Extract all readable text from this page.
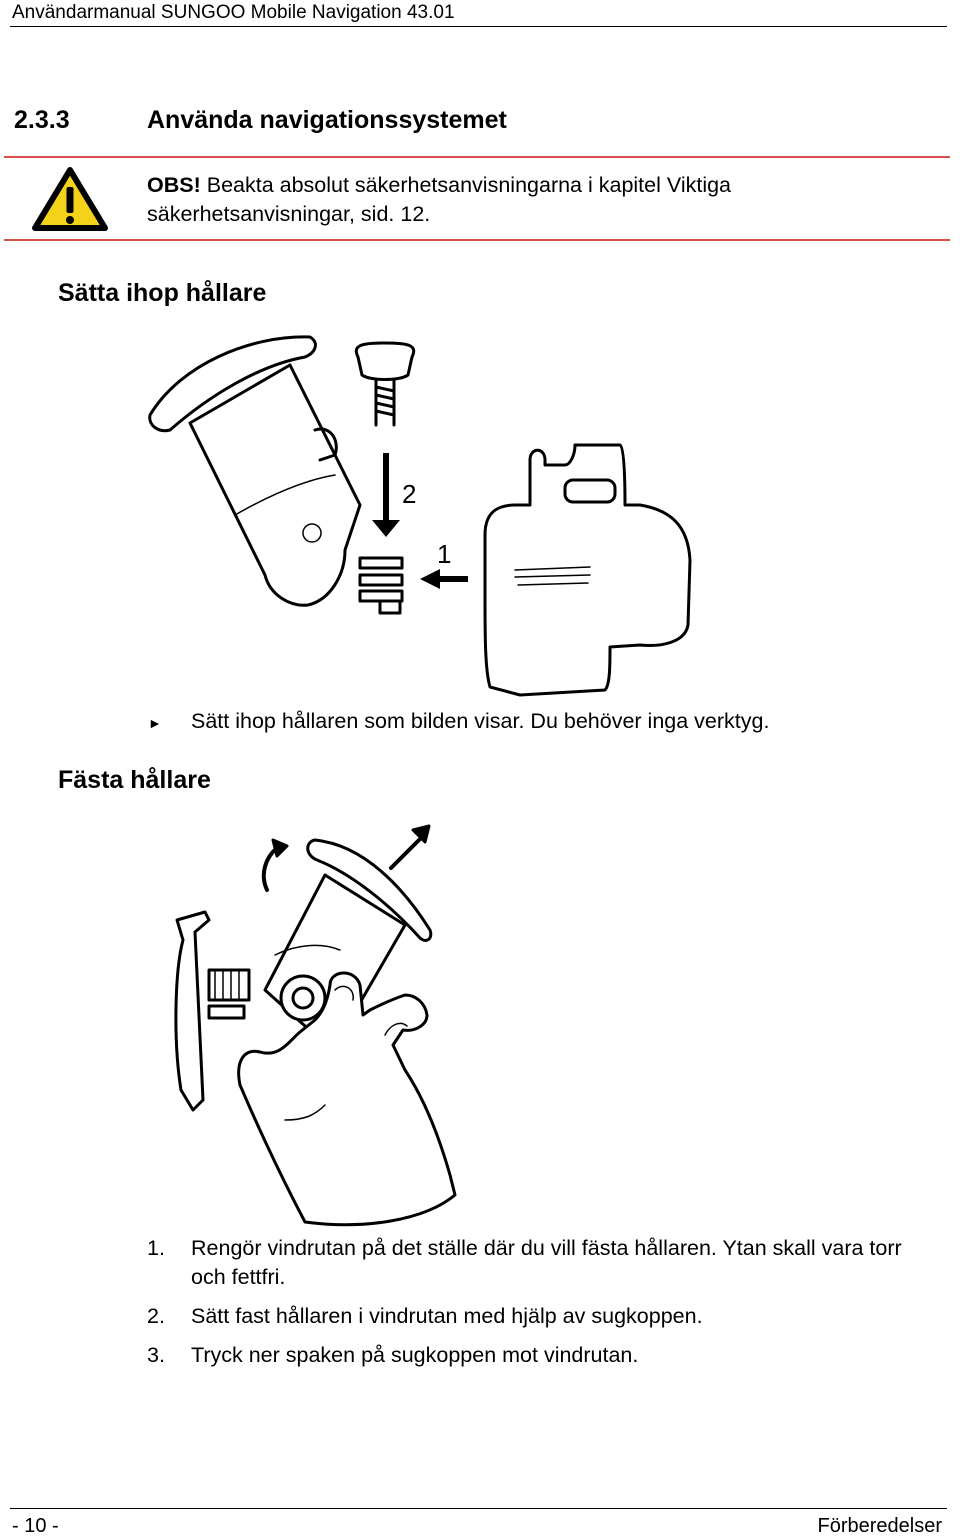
Användarmanual SUNGOO Mobile Navigation 43.01
2.3.3	Använda navigationssystemet
OBS! Beakta absolut säkerhetsanvisningarna i kapitel Viktiga säkerhetsanvisningar, sid. 12.
Sätta ihop hållare
2
1
► Sätt ihop hållaren som bilden visar. Du behöver inga verktyg.
Fästa hållare
1. Rengör vindrutan på det ställe där du vill fästa hållaren. Ytan skall vara torr och fettfri.
2. Sätt fast hållaren i vindrutan med hjälp av sugkoppen.
3. Tryck ner spaken på sugkoppen mot vindrutan.
- 10 -	Förberedelser
